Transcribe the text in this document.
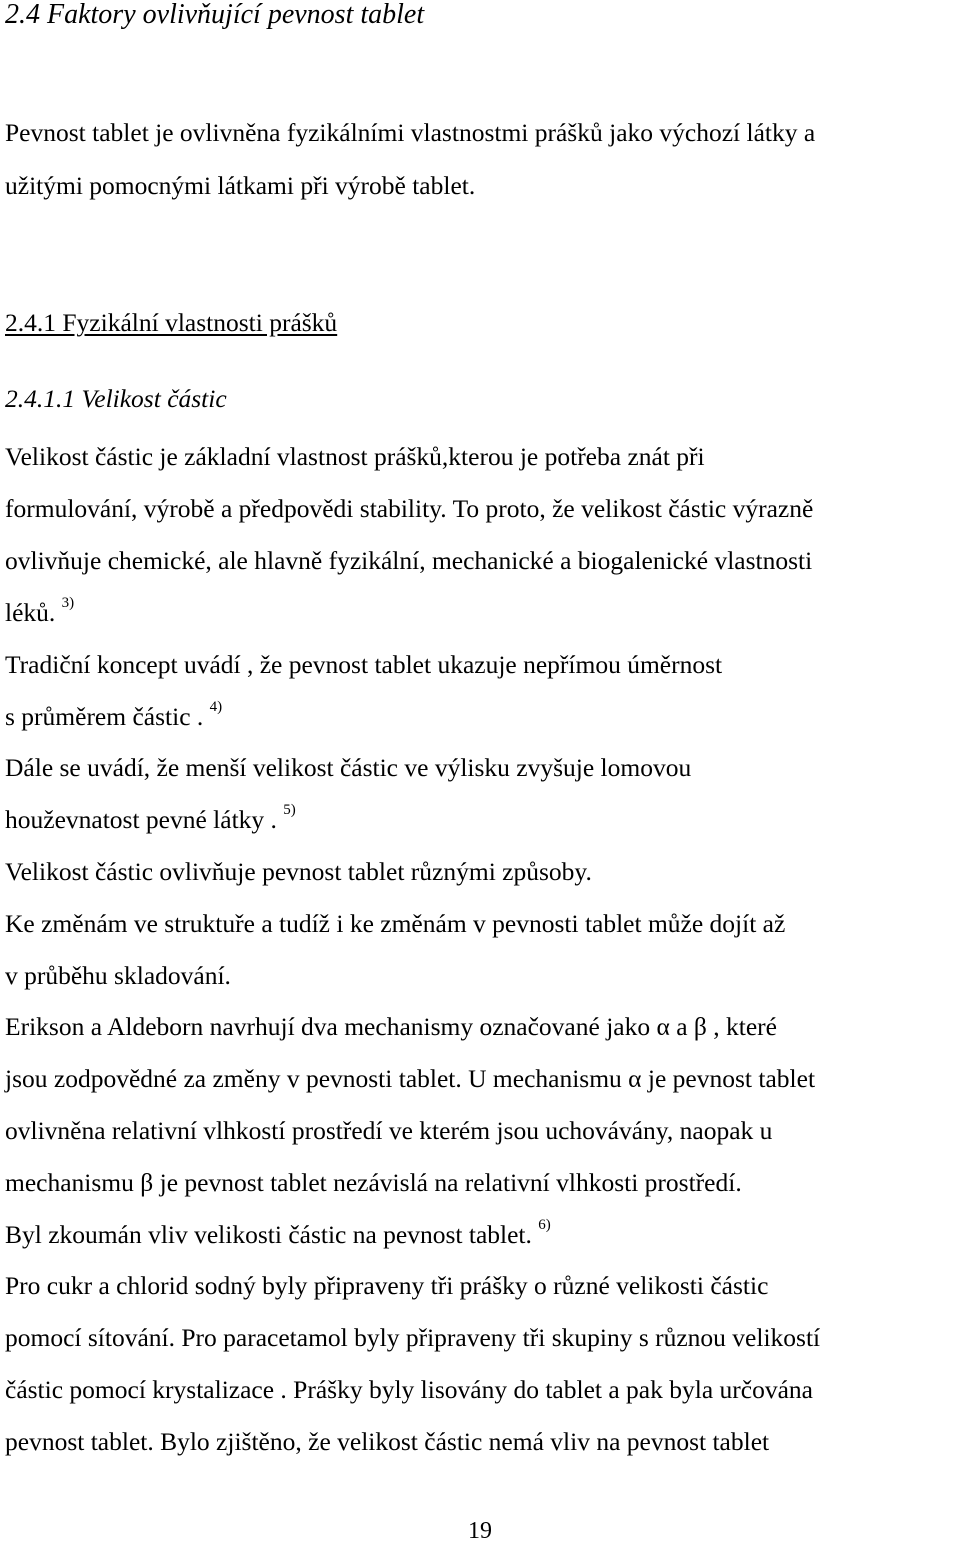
2.4 Faktory ovlivňující pevnost tablet
Pevnost tablet je ovlivněna fyzikálními vlastnostmi prášků jako výchozí látky a
užitými pomocnými látkami při výrobě tablet.
2.4.1 Fyzikální vlastnosti prášků
2.4.1.1 Velikost částic
Velikost částic je základní vlastnost prášků,kterou je potřeba znát při
formulování, výrobě a předpovědi stability. To proto, že velikost částic výrazně
ovlivňuje chemické, ale hlavně fyzikální, mechanické a biogalenické vlastnosti
léků. $^{3)}$
Tradiční koncept uvádí , že pevnost tablet ukazuje nepřímou úměrnost
s průměrem částic . $^{4)}$
Dále se uvádí, že menší velikost částic ve výlisku zvyšuje lomovou
houževnatost pevné látky . $^{5)}$
Velikost částic ovlivňuje pevnost tablet různými způsoby.
Ke změnám ve struktuře a tudíž i ke změnám v pevnosti tablet může dojít až
v průběhu skladování.
Erikson a Aldeborn navrhují dva mechanismy označované jako α a β , které
jsou zodpovědné za změny v pevnosti tablet. U mechanismu α je pevnost tablet
ovlivněna relativní vlhkostí prostředí ve kterém jsou uchovávány, naopak u
mechanismu β je pevnost tablet nezávislá na relativní vlhkosti prostředí.
Byl zkoumán vliv velikosti částic na pevnost tablet. $^{6)}$
Pro cukr a chlorid sodný byly připraveny tři prášky o různé velikosti částic
pomocí sítování. Pro paracetamol byly připraveny tři skupiny s různou velikostí
částic pomocí krystalizace . Prášky byly lisovány do tablet a pak byla určována
pevnost tablet. Bylo zjištěno, že velikost částic nemá vliv na pevnost tablet
19
